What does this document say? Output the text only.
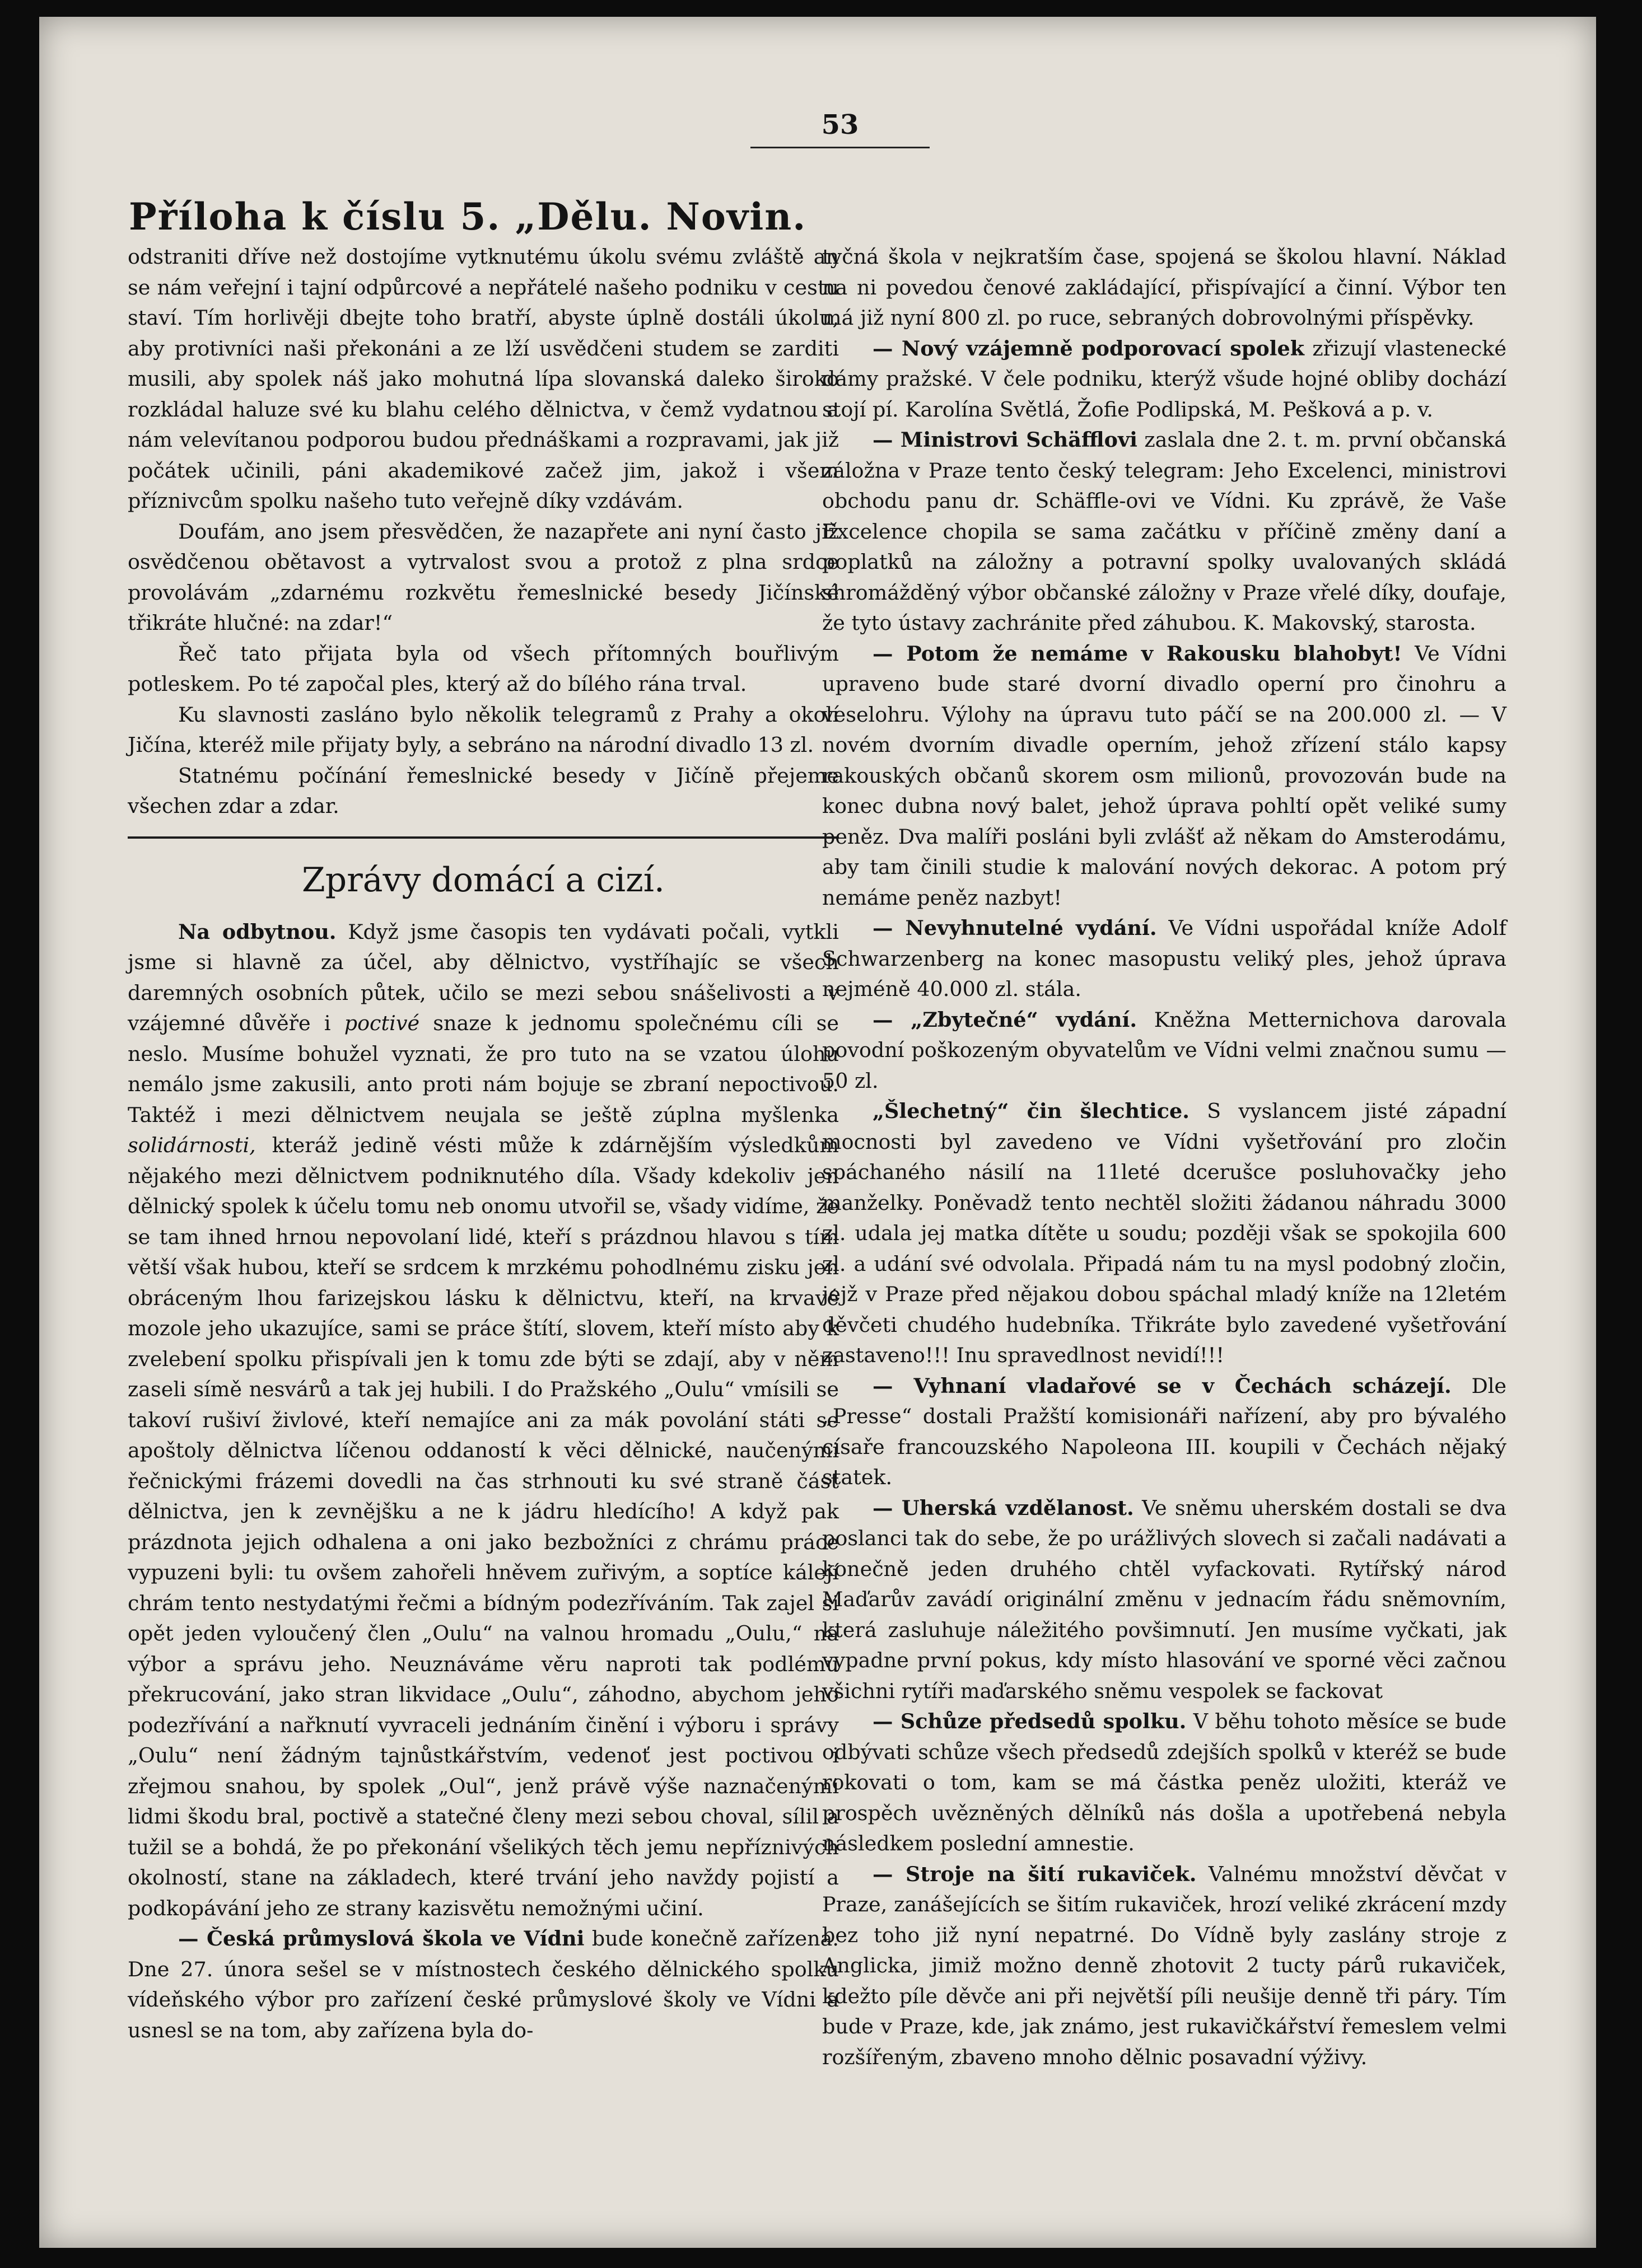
53
Příloha k číslu 5. „Dělu. Novin.

odstraniti dříve než dostojíme vytknutému úkolu svému zvláště an se nám veřejní i tajní odpůrcové a nepřátelé našeho podniku v cestu staví. Tím horlivěji dbejte toho bratří, abyste úplně dostáli úkolu, aby protivníci naši překonáni a ze lží usvědčeni studem se zarditi musili, aby spolek náš jako mohutná lípa slovanská daleko široko rozkládal haluze své ku blahu celého dělnictva, v čemž vydatnou a nám velevítanou podporou budou přednáškami a rozpravami, jak již počátek učinili, páni akademikové začež jim, jakož i všem příznivcům spolku našeho tuto veřejně díky vzdávám.

Doufám, ano jsem přesvědčen, že nazapřete ani nyní často již osvědčenou obětavost a vytrvalost svou a protož z plna srdce provolávám „zdarnému rozkvětu řemeslnické besedy Jičínské třikráte hlučné: na zdar!“

Řeč tato přijata byla od všech přítomných bouřlivým potleskem. Po té započal ples, který až do bílého rána trval.

Ku slavnosti zasláno bylo několik telegramů z Prahy a okolí Jičína, kteréž mile přijaty byly, a sebráno na národní divadlo 13 zl.

Statnému počínání řemeslnické besedy v Jičíně přejeme všechen zdar a zdar.

Zprávy domácí a cizí.

Na odbytnou. Když jsme časopis ten vydávati počali, vytkli jsme si hlavně za účel, aby dělnictvo, vystříhajíc se všech daremných osobních půtek, učilo se mezi sebou snášelivosti a v vzájemné důvěře i poctivé snaze k jednomu společnému cíli se neslo. Musíme bohužel vyznati, že pro tuto na se vzatou úlohu nemálo jsme zakusili, anto proti nám bojuje se zbraní nepoctivou. Taktéž i mezi dělnictvem neujala se ještě zúplna myšlenka solidárnosti, kteráž jedině vésti může k zdárnějším výsledkům nějakého mezi dělnictvem podniknutého díla. Všady kdekoliv jen dělnický spolek k účelu tomu neb onomu utvořil se, všady vidíme, že se tam ihned hrnou nepovolaní lidé, kteří s prázdnou hlavou s tím větší však hubou, kteří se srdcem k mrzkému pohodlnému zisku jen obráceným lhou farizejskou lásku k dělnictvu, kteří, na krvavé mozole jeho ukazujíce, sami se práce štítí, slovem, kteří místo aby k zvelebení spolku přispívali jen k tomu zde býti se zdají, aby v něm zaseli símě nesvárů a tak jej hubili. I do Pražského „Oulu“ vmísili se takoví rušiví živlové, kteří nemajíce ani za mák povolání státi se apoštoly dělnictva líčenou oddaností k věci dělnické, naučenými řečnickými frázemi dovedli na čas strhnouti ku své straně část dělnictva, jen k zevnějšku a ne k jádru hledícího! A když pak prázdnota jejich odhalena a oni jako bezbožníci z chrámu práce vypuzeni byli: tu ovšem zahořeli hněvem zuřivým, a soptíce kálejí chrám tento nestydatými řečmi a bídným podezříváním. Tak zajel si opět jeden vyloučený člen „Oulu“ na valnou hromadu „Oulu,“ na výbor a správu jeho. Neuznáváme věru naproti tak podlému překrucování, jako stran likvidace „Oulu“, záhodno, abychom jeho podezřívání a nařknutí vyvraceli jednáním činění i výboru i správy „Oulu“ není žádným tajnůstkářstvím, vedenoť jest poctivou i zřejmou snahou, by spolek „Oul“, jenž právě výše naznačenými lidmi škodu bral, poctivě a statečné členy mezi sebou choval, sílil a tužil se a bohdá, že po překonání všelikých těch jemu nepříznivých okolností, stane na základech, které trvání jeho navždy pojistí a podkopávání jeho ze strany kazisvětu nemožnými učiní.

— Česká průmyslová škola ve Vídni bude konečně zařízena. Dne 27. února sešel se v místnostech českého dělnického spolku vídeňského výbor pro zařízení české průmyslové školy ve Vídni a usnesl se na tom, aby zařízena byla do-

tyčná škola v nejkratším čase, spojená se školou hlavní. Náklad na ni povedou čenové zakládající, přispívající a činní. Výbor ten má již nyní 800 zl. po ruce, sebraných dobrovolnými příspěvky.

— Nový vzájemně podporovací spolek zřizují vlastenecké dámy pražské. V čele podniku, kterýž všude hojné obliby dochází stojí pí. Karolína Světlá, Žofie Podlipská, M. Pešková a p. v.

— Ministrovi Schäfflovi zaslala dne 2. t. m. první občanská záložna v Praze tento český telegram: Jeho Excelenci, ministrovi obchodu panu dr. Schäffle-ovi ve Vídni. Ku zprávě, že Vaše Excelence chopila se sama začátku v příčině změny daní a poplatků na záložny a potravní spolky uvalovaných skládá shromážděný výbor občanské záložny v Praze vřelé díky, doufaje, že tyto ústavy zachránite před záhubou. K. Makovský, starosta.

— Potom že nemáme v Rakousku blahobyt! Ve Vídni upraveno bude staré dvorní divadlo operní pro činohru a veselohru. Výlohy na úpravu tuto páčí se na 200.000 zl. — V novém dvorním divadle operním, jehož zřízení stálo kapsy rakouských občanů skorem osm milionů, provozován bude na konec dubna nový balet, jehož úprava pohltí opět veliké sumy peněz. Dva malíři posláni byli zvlášť až někam do Amsterodámu, aby tam činili studie k malování nových dekorac. A potom prý nemáme peněz nazbyt!

— Nevyhnutelné vydání. Ve Vídni uspořádal kníže Adolf Schwarzenberg na konec masopustu veliký ples, jehož úprava nejméně 40.000 zl. stála.

— „Zbytečné“ vydání. Kněžna Metternichova darovala povodní poškozeným obyvatelům ve Vídni velmi značnou sumu — 50 zl.

„Šlechetný“ čin šlechtice. S vyslancem jisté západní mocnosti byl zavedeno ve Vídni vyšetřování pro zločin spáchaného násilí na 11leté dcerušce posluhovačky jeho manželky. Poněvadž tento nechtěl složiti žádanou náhradu 3000 zl. udala jej matka dítěte u soudu; později však se spokojila 600 zl. a udání své odvolala. Připadá nám tu na mysl podobný zločin, jejž v Praze před nějakou dobou spáchal mladý kníže na 12letém děvčeti chudého hudebníka. Třikráte bylo zavedené vyšetřování zastaveno!!! Inu spravedlnost nevidí!!!

— Vyhnaní vladařové se v Čechách scházejí. Dle „Presse“ dostali Pražští komisionáři nařízení, aby pro bývalého císaře francouzského Napoleona III. koupili v Čechách nějaký statek.

— Uherská vzdělanost. Ve sněmu uherském dostali se dva poslanci tak do sebe, že po urážlivých slovech si začali nadávati a konečně jeden druhého chtěl vyfackovati. Rytířský národ Maďarův zavádí originální změnu v jednacím řádu sněmovním, která zasluhuje náležitého povšimnutí. Jen musíme vyčkati, jak vypadne první pokus, kdy místo hlasování ve sporné věci začnou všichni rytíři maďarského sněmu vespolek se fackovat

— Schůze předsedů spolku. V běhu tohoto měsíce se bude odbývati schůze všech předsedů zdejších spolků v kteréž se bude rokovati o tom, kam se má částka peněz uložiti, kteráž ve prospěch uvězněných dělníků nás došla a upotřebená nebyla následkem poslední amnestie.

— Stroje na šití rukaviček. Valnému množství děvčat v Praze, zanášejících se šitím rukaviček, hrozí veliké zkrácení mzdy bez toho již nyní nepatrné. Do Vídně byly zaslány stroje z Anglicka, jimiž možno denně zhotovit 2 tucty párů rukaviček, kdežto píle děvče ani při největší píli neušije denně tři páry. Tím bude v Praze, kde, jak známo, jest rukavičkářství řemeslem velmi rozšířeným, zbaveno mnoho dělnic posavadní výživy.
